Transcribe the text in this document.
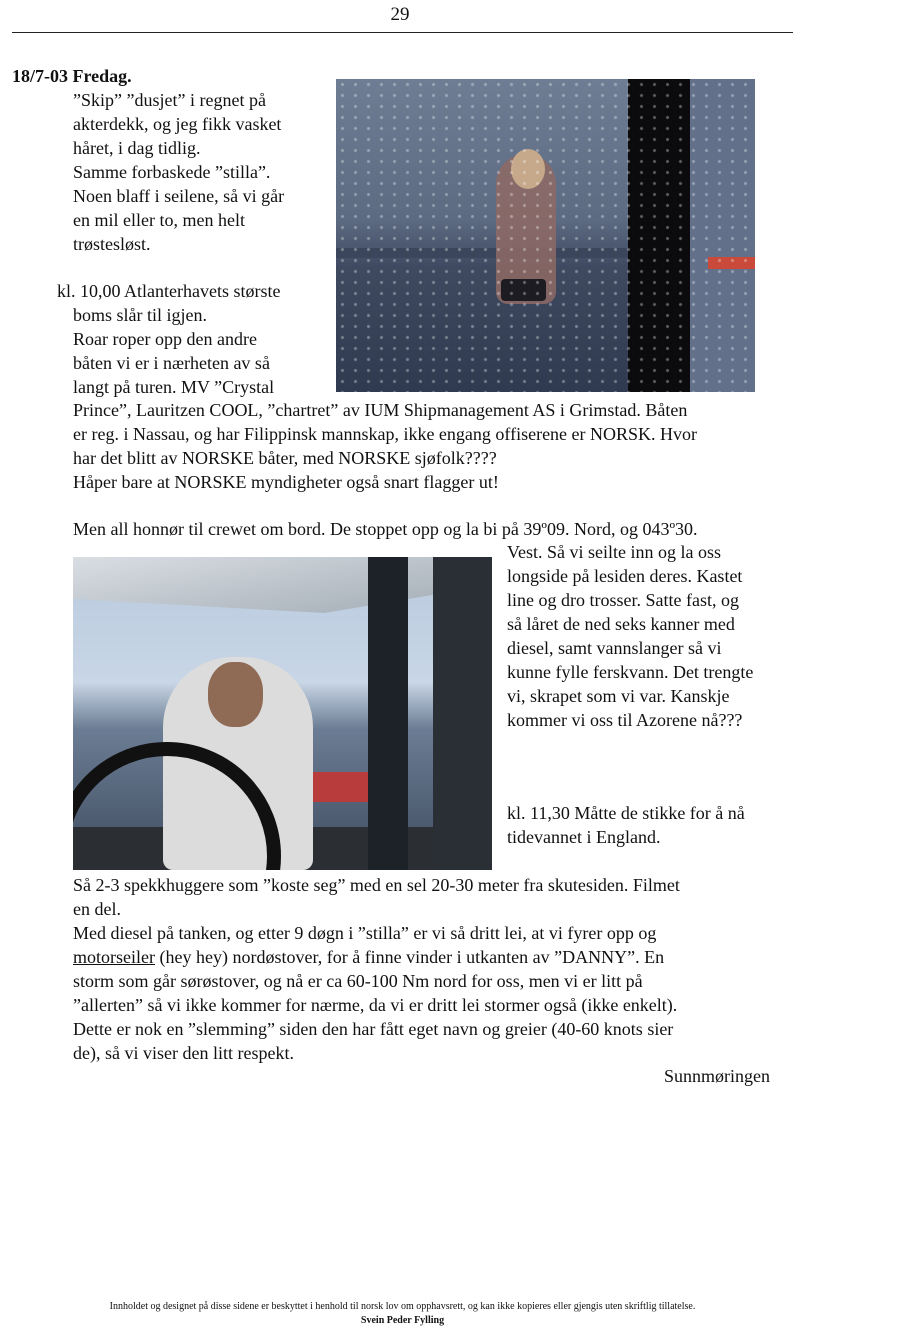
29
18/7-03 Fredag.
”Skip” ”dusjet” i regnet på
akterdekk, og jeg fikk vasket
håret, i dag tidlig.
Samme forbaskede ”stilla”.
Noen blaff i seilene, så vi går
en mil eller to, men helt
trøstesløst.
kl. 10,00 Atlanterhavets største
boms slår til igjen.
Roar roper opp den andre
båten vi er i nærheten av så
langt på turen. MV ”Crystal
Prince”, Lauritzen COOL, ”chartret” av IUM Shipmanagement AS i Grimstad. Båten
er reg. i Nassau, og har Filippinsk mannskap, ikke engang offiserene er NORSK. Hvor
har det blitt av NORSKE båter, med NORSKE sjøfolk????
Håper bare at NORSKE myndigheter også snart flagger ut!
Men all honnør til crewet om bord. De stoppet opp og la bi på 39º09. Nord, og 043º30.
Vest. Så vi seilte inn og la oss
longside på lesiden deres. Kastet
line og dro trosser. Satte fast, og
så låret de ned seks kanner med
diesel, samt vannslanger så vi
kunne fylle ferskvann. Det trengte
vi, skrapet som vi var. Kanskje
kommer vi oss til Azorene nå???
kl. 11,30 Måtte de stikke for å nå
tidevannet i England.
Så 2-3 spekkhuggere som ”koste seg” med en sel 20-30 meter fra skutesiden. Filmet
en del.
Med diesel på tanken, og etter 9 døgn i ”stilla” er vi så dritt lei, at vi fyrer opp og
motorseiler (hey hey) nordøstover, for å finne vinder i utkanten av ”DANNY”. En
storm som går sørøstover, og nå er ca 60-100 Nm nord for oss, men vi er litt på
”allerten” så vi ikke kommer for nærme, da vi er dritt lei stormer også (ikke enkelt).
Dette er nok en ”slemming” siden den har fått eget navn og greier (40-60 knots sier
de), så vi viser den litt respekt.
Sunnmøringen
Innholdet og designet på disse sidene er beskyttet i henhold til norsk lov om opphavsrett, og kan ikke kopieres eller gjengis uten skriftlig tillatelse.
Svein Peder Fylling
